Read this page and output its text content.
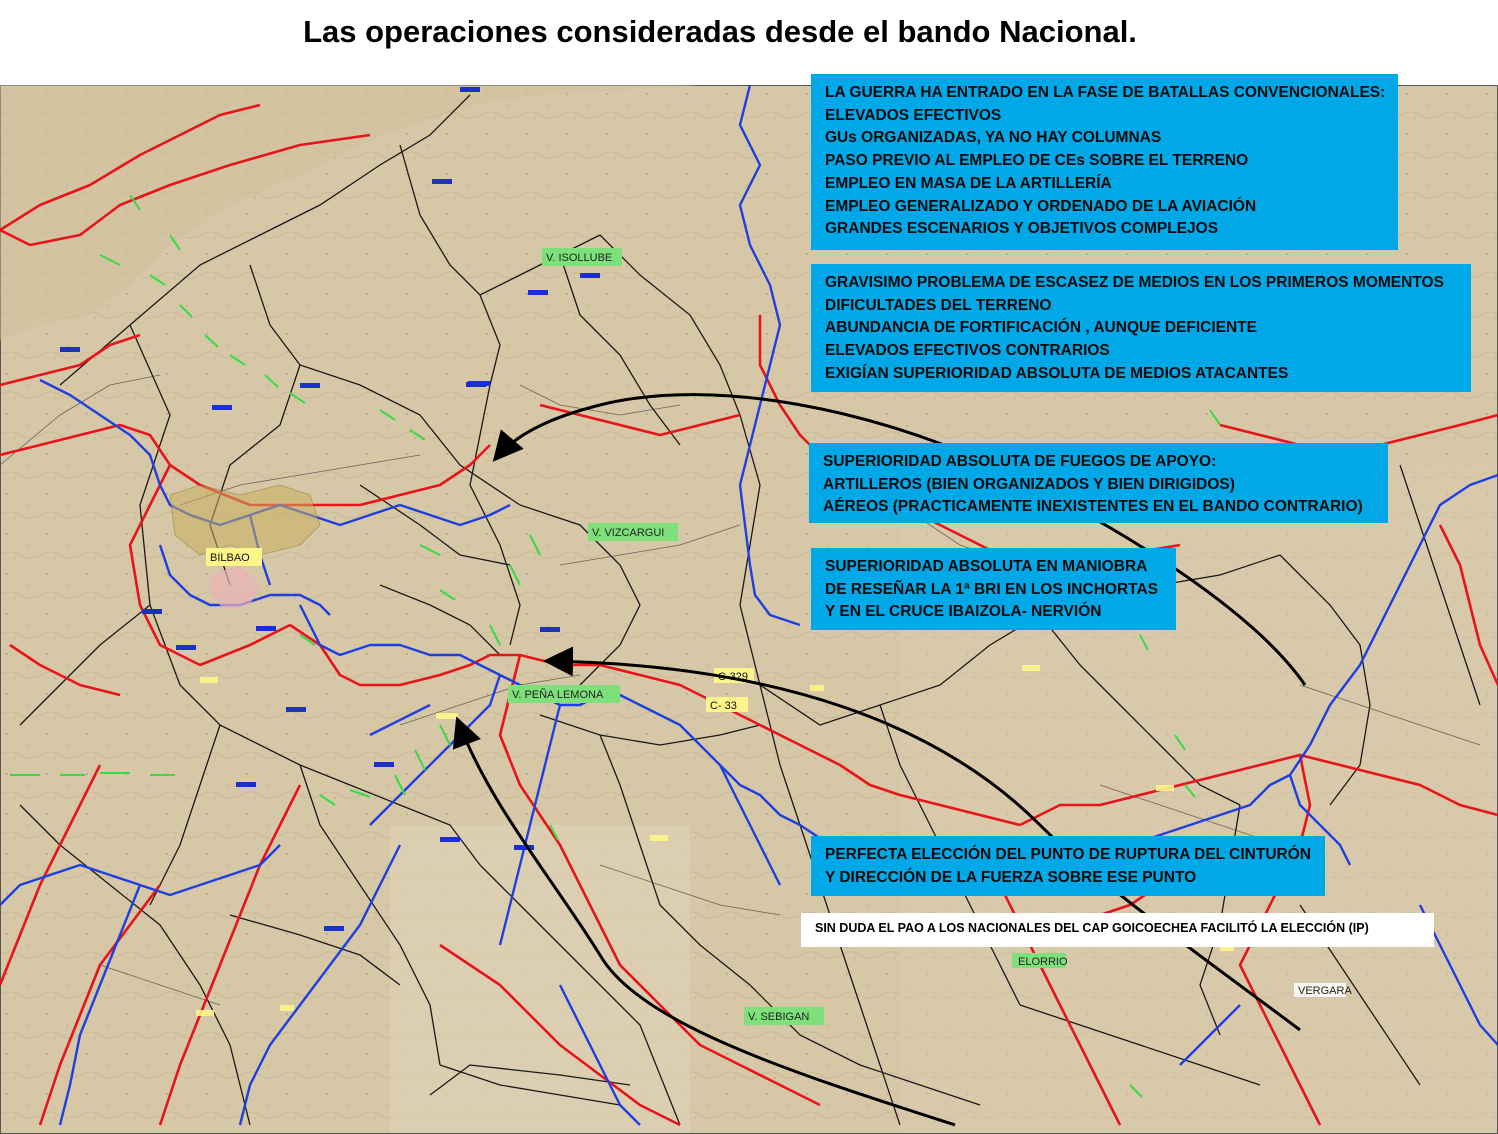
Las operaciones consideradas desde el bando Nacional.
V. ISOLLUBE
V. VIZCARGUI
V. PEÑA LEMONA
V. SEBIGAN
BILBAO
C-329
C- 33
ELORRIO
VERGARA
LA GUERRA HA ENTRADO EN LA FASE DE BATALLAS CONVENCIONALES:
ELEVADOS EFECTIVOS
GUs ORGANIZADAS, YA NO HAY COLUMNAS
PASO PREVIO AL EMPLEO DE CEs SOBRE EL TERRENO
EMPLEO EN MASA DE LA ARTILLERÍA
EMPLEO GENERALIZADO Y ORDENADO DE LA AVIACIÓN
GRANDES ESCENARIOS Y OBJETIVOS COMPLEJOS
GRAVISIMO PROBLEMA DE ESCASEZ DE MEDIOS EN LOS PRIMEROS MOMENTOS
DIFICULTADES DEL TERRENO
ABUNDANCIA DE FORTIFICACIÓN , AUNQUE DEFICIENTE
ELEVADOS EFECTIVOS CONTRARIOS
EXIGÍAN SUPERIORIDAD ABSOLUTA DE MEDIOS ATACANTES
SUPERIORIDAD ABSOLUTA DE FUEGOS DE APOYO:
ARTILLEROS (BIEN ORGANIZADOS Y BIEN DIRIGIDOS)
AÉREOS (PRACTICAMENTE INEXISTENTES EN EL BANDO CONTRARIO)
SUPERIORIDAD ABSOLUTA EN MANIOBRA
DE RESEÑAR LA 1ª BRI EN LOS INCHORTAS
Y EN EL CRUCE IBAIZOLA- NERVIÓN
PERFECTA ELECCIÓN DEL PUNTO DE RUPTURA DEL CINTURÓN
Y DIRECCIÓN DE LA FUERZA SOBRE ESE PUNTO
SIN DUDA EL PAO A LOS NACIONALES DEL CAP GOICOECHEA FACILITÓ LA ELECCIÓN (IP)
